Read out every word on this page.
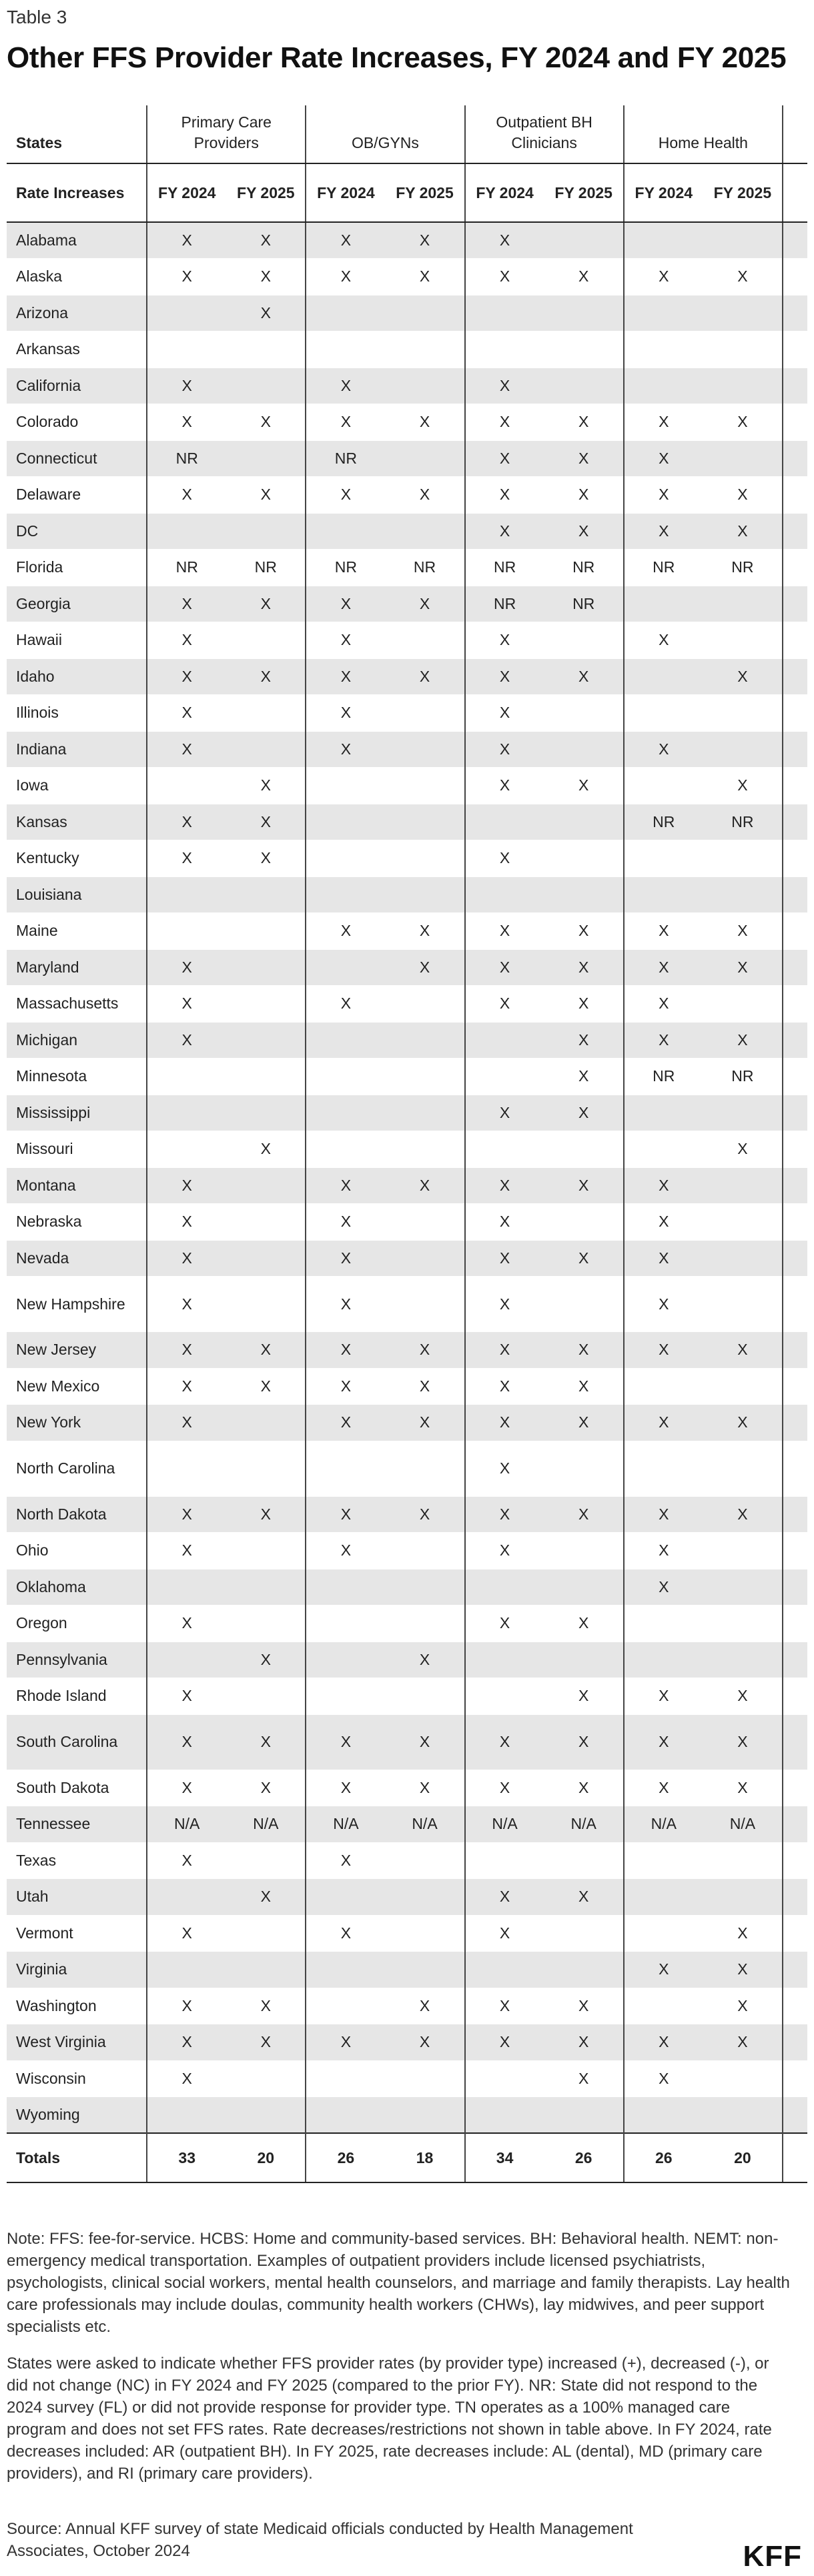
Table 3
Other FFS Provider Rate Increases, FY 2024 and FY 2025
States	Primary Care Providers		OB/GYNs		Outpatient BH Clinicians		Home Health		
Rate Increases	FY 2024	FY 2025	FY 2024	FY 2025	FY 2024	FY 2025	FY 2024	FY 2025	
Alabama	X	X	X	X	X				
Alaska	X	X	X	X	X	X	X	X	
Arizona		X							
Arkansas									
California	X		X		X				
Colorado	X	X	X	X	X	X	X	X	
Connecticut	NR		NR		X	X	X		
Delaware	X	X	X	X	X	X	X	X	
DC					X	X	X	X	
Florida	NR	NR	NR	NR	NR	NR	NR	NR	
Georgia	X	X	X	X	NR	NR			
Hawaii	X		X		X		X		
Idaho	X	X	X	X	X	X		X	
Illinois	X		X		X				
Indiana	X		X		X		X		
Iowa		X			X	X		X	
Kansas	X	X					NR	NR	
Kentucky	X	X			X				
Louisiana									
Maine			X	X	X	X	X	X	
Maryland	X			X	X	X	X	X	
Massachusetts	X		X		X	X	X		
Michigan	X					X	X	X	
Minnesota						X	NR	NR	
Mississippi					X	X			
Missouri		X						X	
Montana	X		X	X	X	X	X		
Nebraska	X		X		X		X		
Nevada	X		X		X	X	X		
New Hampshire	X		X		X		X		
New Jersey	X	X	X	X	X	X	X	X	
New Mexico	X	X	X	X	X	X			
New York	X		X	X	X	X	X	X	
North Carolina					X				
North Dakota	X	X	X	X	X	X	X	X	
Ohio	X		X		X		X		
Oklahoma							X		
Oregon	X				X	X			
Pennsylvania		X		X					
Rhode Island	X					X	X	X	
South Carolina	X	X	X	X	X	X	X	X	
South Dakota	X	X	X	X	X	X	X	X	
Tennessee	N/A	N/A	N/A	N/A	N/A	N/A	N/A	N/A	
Texas	X		X						
Utah		X			X	X			
Vermont	X		X		X			X	
Virginia							X	X	
Washington	X	X		X	X	X		X	
West Virginia	X	X	X	X	X	X	X	X	
Wisconsin	X					X	X		
Wyoming									
Totals	33	20	26	18	34	26	26	20	

Note: FFS: fee-for-service. HCBS: Home and community-based services. BH: Behavioral health. NEMT: non-emergency medical transportation. Examples of outpatient providers include licensed psychiatrists, psychologists, clinical social workers, mental health counselors, and marriage and family therapists. Lay health care professionals may include doulas, community health workers (CHWs), lay midwives, and peer support specialists etc.

States were asked to indicate whether FFS provider rates (by provider type) increased (+), decreased (-), or did not change (NC) in FY 2024 and FY 2025 (compared to the prior FY). NR: State did not respond to the 2024 survey (FL) or did not provide response for provider type. TN operates as a 100% managed care program and does not set FFS rates. Rate decreases/restrictions not shown in table above. In FY 2024, rate decreases included: AR (outpatient BH). In FY 2025, rate decreases include: AL (dental), MD (primary care providers), and RI (primary care providers).

Source: Annual KFF survey of state Medicaid officials conducted by Health Management Associates, October 2024	KFF
